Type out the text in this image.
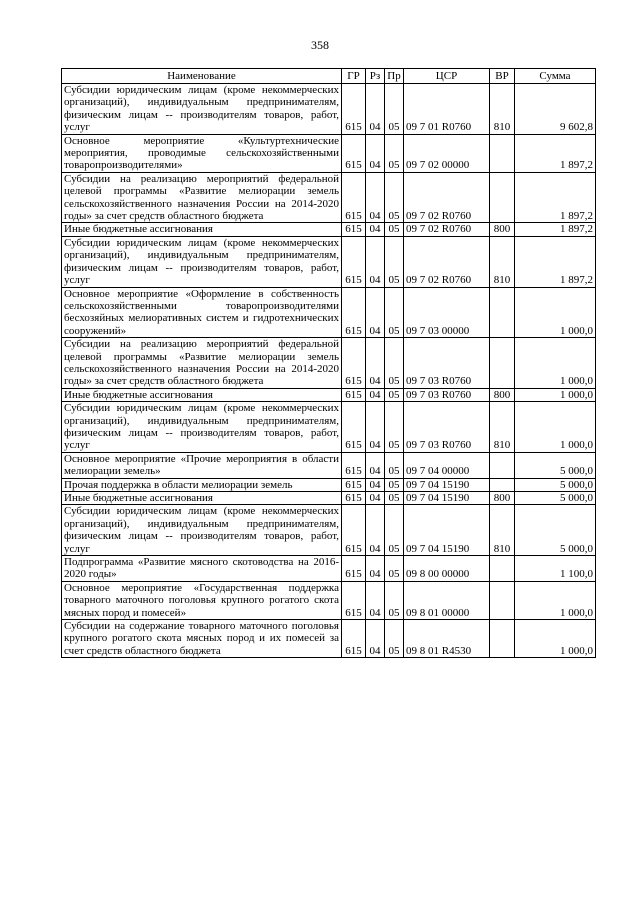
358
Наименование	ГР	Рз	Пр	ЦСР	ВР	Сумма
Субсидии юридическим лицам (кроме некоммерческих организаций), индивидуальным предпринимателям, физическим лицам -- производителям товаров, работ, услуг	615	04	05	09 7 01 R0760	810	9 602,8
Основное мероприятие «Культуртехнические мероприятия, проводимые сельскохозяйственными товаропроизводителями»	615	04	05	09 7 02 00000		1 897,2
Субсидии на реализацию мероприятий федеральной целевой программы «Развитие мелиорации земель сельскохозяйственного назначения России на 2014-2020 годы» за счет средств областного бюджета	615	04	05	09 7 02 R0760		1 897,2
Иные бюджетные ассигнования	615	04	05	09 7 02 R0760	800	1 897,2
Субсидии юридическим лицам (кроме некоммерческих организаций), индивидуальным предпринимателям, физическим лицам -- производителям товаров, работ, услуг	615	04	05	09 7 02 R0760	810	1 897,2
Основное мероприятие «Оформление в собственность сельскохозяйственными товаропроизводителями бесхозяйных мелиоративных систем и гидротехнических сооружений»	615	04	05	09 7 03 00000		1 000,0
Субсидии на реализацию мероприятий федеральной целевой программы «Развитие мелиорации земель сельскохозяйственного назначения России на 2014-2020 годы» за счет средств областного бюджета	615	04	05	09 7 03 R0760		1 000,0
Иные бюджетные ассигнования	615	04	05	09 7 03 R0760	800	1 000,0
Субсидии юридическим лицам (кроме некоммерческих организаций), индивидуальным предпринимателям, физическим лицам -- производителям товаров, работ, услуг	615	04	05	09 7 03 R0760	810	1 000,0
Основное мероприятие «Прочие мероприятия в области мелиорации земель»	615	04	05	09 7 04 00000		5 000,0
Прочая поддержка в области мелиорации земель	615	04	05	09 7 04 15190		5 000,0
Иные бюджетные ассигнования	615	04	05	09 7 04 15190	800	5 000,0
Субсидии юридическим лицам (кроме некоммерческих организаций), индивидуальным предпринимателям, физическим лицам -- производителям товаров, работ, услуг	615	04	05	09 7 04 15190	810	5 000,0
Подпрограмма «Развитие мясного скотоводства на 2016-2020 годы»	615	04	05	09 8 00 00000		1 100,0
Основное мероприятие «Государственная поддержка товарного маточного поголовья крупного рогатого скота мясных пород и помесей»	615	04	05	09 8 01 00000		1 000,0
Субсидии на содержание товарного маточного поголовья крупного рогатого скота мясных пород и их помесей за счет средств областного бюджета	615	04	05	09 8 01 R4530		1 000,0
